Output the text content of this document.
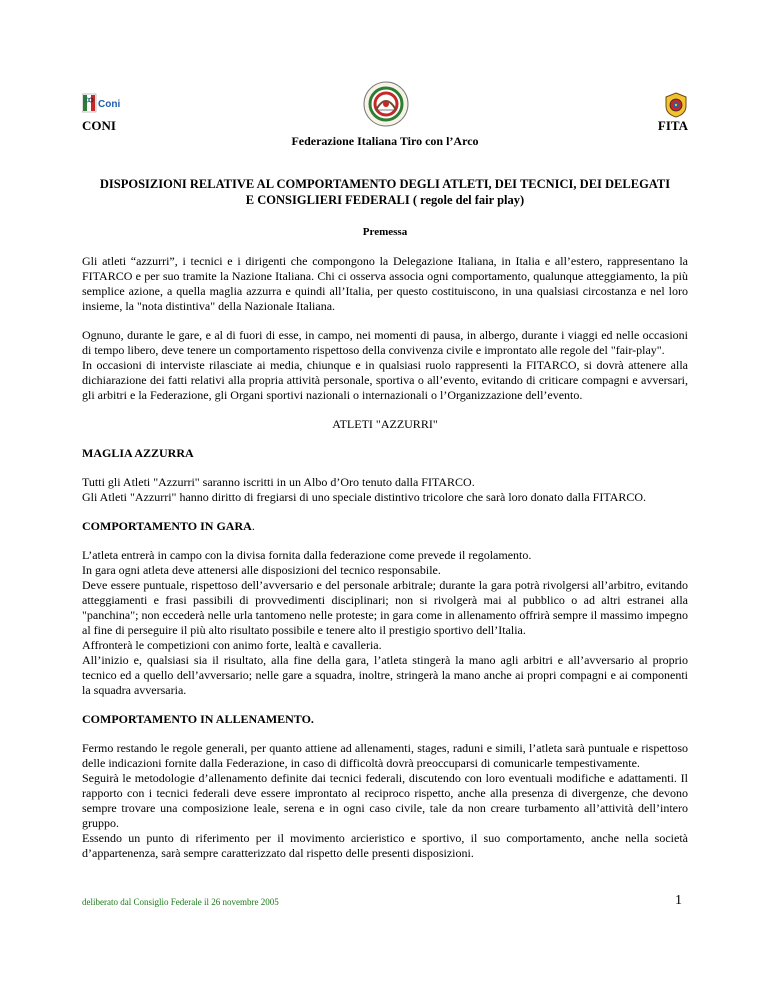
Coni
CONI	FITA
Federazione Italiana Tiro con l’Arco

DISPOSIZIONI RELATIVE AL COMPORTAMENTO DEGLI ATLETI, DEI TECNICI, DEI DELEGATI
E CONSIGLIERI FEDERALI ( regole del fair play)

Premessa

Gli atleti “azzurri”, i tecnici e i dirigenti che compongono la Delegazione Italiana, in Italia e all’estero, rappresentano la FITARCO e per suo tramite la Nazione Italiana. Chi ci osserva associa ogni comportamento, qualunque atteggiamento, la più semplice azione, a quella maglia azzurra e quindi all’Italia, per questo costituiscono, in una qualsiasi circostanza e nel loro insieme, la "nota distintiva" della Nazionale Italiana.

Ognuno, durante le gare, e al di fuori di esse, in campo, nei momenti di pausa, in albergo, durante i viaggi ed nelle occasioni di tempo libero, deve tenere un comportamento rispettoso della convivenza civile e improntato alle regole del "fair-play".

In occasioni di interviste rilasciate ai media, chiunque e in qualsiasi ruolo rappresenti la FITARCO, si dovrà attenere alla dichiarazione dei fatti relativi alla propria attività personale, sportiva o all’evento, evitando di criticare compagni e avversari, gli arbitri e la Federazione, gli Organi sportivi nazionali o internazionali o l’Organizzazione dell’evento.

ATLETI "AZZURRI"

MAGLIA AZZURRA

Tutti gli Atleti "Azzurri" saranno iscritti in un Albo d’Oro tenuto dalla FITARCO.

Gli Atleti "Azzurri" hanno diritto di fregiarsi di uno speciale distintivo tricolore che sarà loro donato dalla FITARCO.

COMPORTAMENTO IN GARA.

L’atleta entrerà in campo con la divisa fornita dalla federazione come prevede il regolamento.

In gara ogni atleta deve attenersi alle disposizioni del tecnico responsabile.

Deve essere puntuale, rispettoso dell’avversario e del personale arbitrale; durante la gara potrà rivolgersi all’arbitro, evitando atteggiamenti e frasi passibili di provvedimenti disciplinari; non si rivolgerà mai al pubblico o ad altri estranei alla "panchina"; non eccederà nelle urla tantomeno nelle proteste; in gara come in allenamento offrirà sempre il massimo impegno al fine di perseguire il più alto risultato possibile e tenere alto il prestigio sportivo dell’Italia.

Affronterà le competizioni con animo forte, lealtà e cavalleria.

All’inizio e, qualsiasi sia il risultato, alla fine della gara, l’atleta stingerà la mano agli arbitri e all’avversario al proprio tecnico ed a quello dell’avversario; nelle gare a squadra, inoltre, stringerà la mano anche ai propri compagni e ai componenti la squadra avversaria.

COMPORTAMENTO IN ALLENAMENTO.

Fermo restando le regole generali, per quanto attiene ad allenamenti, stages, raduni e simili, l’atleta sarà puntuale e rispettoso delle indicazioni fornite dalla Federazione, in caso di difficoltà dovrà preoccuparsi di comunicarle tempestivamente.

Seguirà le metodologie d’allenamento definite dai tecnici federali, discutendo con loro eventuali modifiche e adattamenti. Il rapporto con i tecnici federali deve essere improntato al reciproco rispetto, anche alla presenza di divergenze, che devono sempre trovare una composizione leale, serena e in ogni caso civile, tale da non creare turbamento all’attività dell’intero gruppo.

Essendo un punto di riferimento per il movimento arcieristico e sportivo, il suo comportamento, anche nella società d’appartenenza, sarà sempre caratterizzato dal rispetto delle presenti disposizioni.

deliberato dal Consiglio Federale il 26 novembre 2005	1
